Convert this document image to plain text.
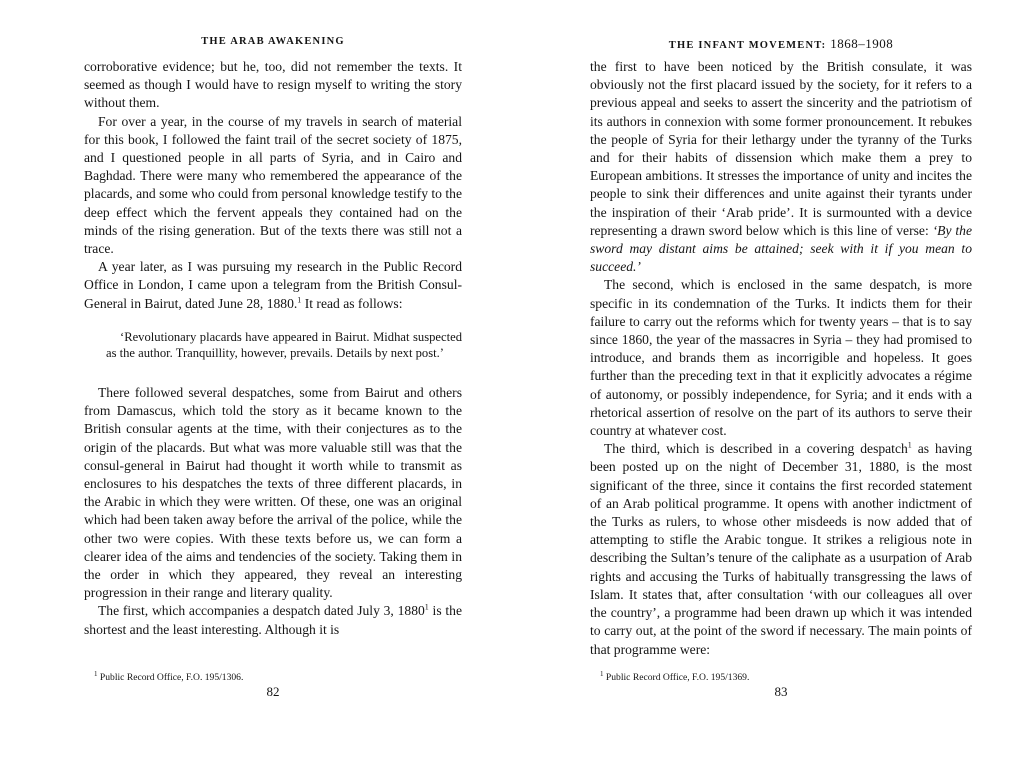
THE ARAB AWAKENING

corroborative evidence; but he, too, did not remember the texts. It seemed as though I would have to resign myself to writing the story without them.

For over a year, in the course of my travels in search of material for this book, I followed the faint trail of the secret society of 1875, and I questioned people in all parts of Syria, and in Cairo and Baghdad. There were many who remembered the appearance of the placards, and some who could from personal knowledge testify to the deep effect which the fervent appeals they contained had on the minds of the rising generation. But of the texts there was still not a trace.

A year later, as I was pursuing my research in the Public Record Office in London, I came upon a telegram from the British Consul-General in Bairut, dated June 28, 1880.$^1$ It read as follows:

‘Revolutionary placards have appeared in Bairut. Midhat suspected as the author. Tranquillity, however, prevails. Details by next post.’

There followed several despatches, some from Bairut and others from Damascus, which told the story as it became known to the British consular agents at the time, with their conjectures as to the origin of the placards. But what was more valuable still was that the consul-general in Bairut had thought it worth while to transmit as enclosures to his despatches the texts of three different placards, in the Arabic in which they were written. Of these, one was an original which had been taken away before the arrival of the police, while the other two were copies. With these texts before us, we can form a clearer idea of the aims and tendencies of the society. Taking them in the order in which they appeared, they reveal an interesting progression in their range and literary quality.

The first, which accompanies a despatch dated July 3, 1880$^1$ is the shortest and the least interesting. Although it is

$^1$ Public Record Office, F.O. 195/1306.
82
THE INFANT MOVEMENT: 1868–1908

the first to have been noticed by the British consulate, it was obviously not the first placard issued by the society, for it refers to a previous appeal and seeks to assert the sincerity and the patriotism of its authors in connexion with some former pronouncement. It rebukes the people of Syria for their lethargy under the tyranny of the Turks and for their habits of dissension which make them a prey to European ambitions. It stresses the importance of unity and incites the people to sink their differences and unite against their tyrants under the inspiration of their ‘Arab pride’. It is surmounted with a device representing a drawn sword below which is this line of verse: ‘By the sword may distant aims be attained; seek with it if you mean to succeed.’

The second, which is enclosed in the same despatch, is more specific in its condemnation of the Turks. It indicts them for their failure to carry out the reforms which for twenty years – that is to say since 1860, the year of the massacres in Syria – they had promised to introduce, and brands them as incorrigible and hopeless. It goes further than the preceding text in that it explicitly advocates a régime of autonomy, or possibly independence, for Syria; and it ends with a rhetorical assertion of resolve on the part of its authors to serve their country at whatever cost.

The third, which is described in a covering despatch$^1$ as having been posted up on the night of December 31, 1880, is the most significant of the three, since it contains the first recorded statement of an Arab political programme. It opens with another indictment of the Turks as rulers, to whose other misdeeds is now added that of attempting to stifle the Arabic tongue. It strikes a religious note in describing the Sultan’s tenure of the caliphate as a usurpation of Arab rights and accusing the Turks of habitually transgressing the laws of Islam. It states that, after consultation ‘with our colleagues all over the country’, a programme had been drawn up which it was intended to carry out, at the point of the sword if necessary. The main points of that programme were:

$^1$ Public Record Office, F.O. 195/1369.
83
